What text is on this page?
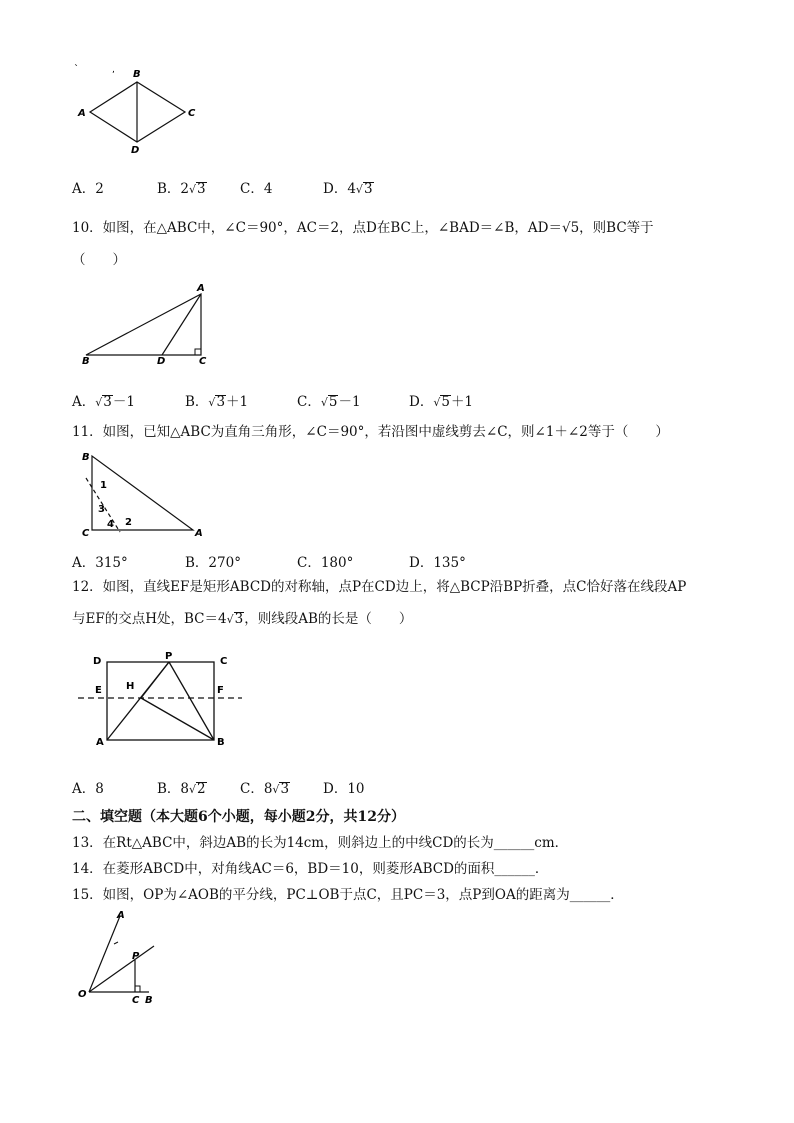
`	, B
A	C
D
A．2	B．2√3	C．4	D．4√3
10．如图，在△ABC中，∠C＝90°，AC＝2，点D在BC上，∠BAD＝∠B，AD＝√5，则BC等于
（　　）
A
B	D	C
A．√3－1	B．√3＋1	C．√5－1	D．√5＋1
11．如图，已知△ABC为直角三角形，∠C＝90°，若沿图中虚线剪去∠C，则∠1＋∠2等于（　　）
B
C	A
1
3
4 2
A．315°	B．270°	C．180°	D．135°
12．如图，直线EF是矩形ABCD的对称轴，点P在CD边上，将△BCP沿BP折叠，点C恰好落在线段AP
与EF的交点H处，BC＝4√3，则线段AB的长是（　　）
D	P	C
E H	F
A	B
A．8	B．8√2	C．8√3	D．10
二、填空题（本大题6个小题，每小题2分，共12分）
13．在Rt△ABC中，斜边AB的长为14cm，则斜边上的中线CD的长为______cm．
14．在菱形ABCD中，对角线AC＝6，BD＝10，则菱形ABCD的面积______．
15．如图，OP为∠AOB的平分线，PC⊥OB于点C，且PC＝3，点P到OA的距离为______．
A
P
O
C B
